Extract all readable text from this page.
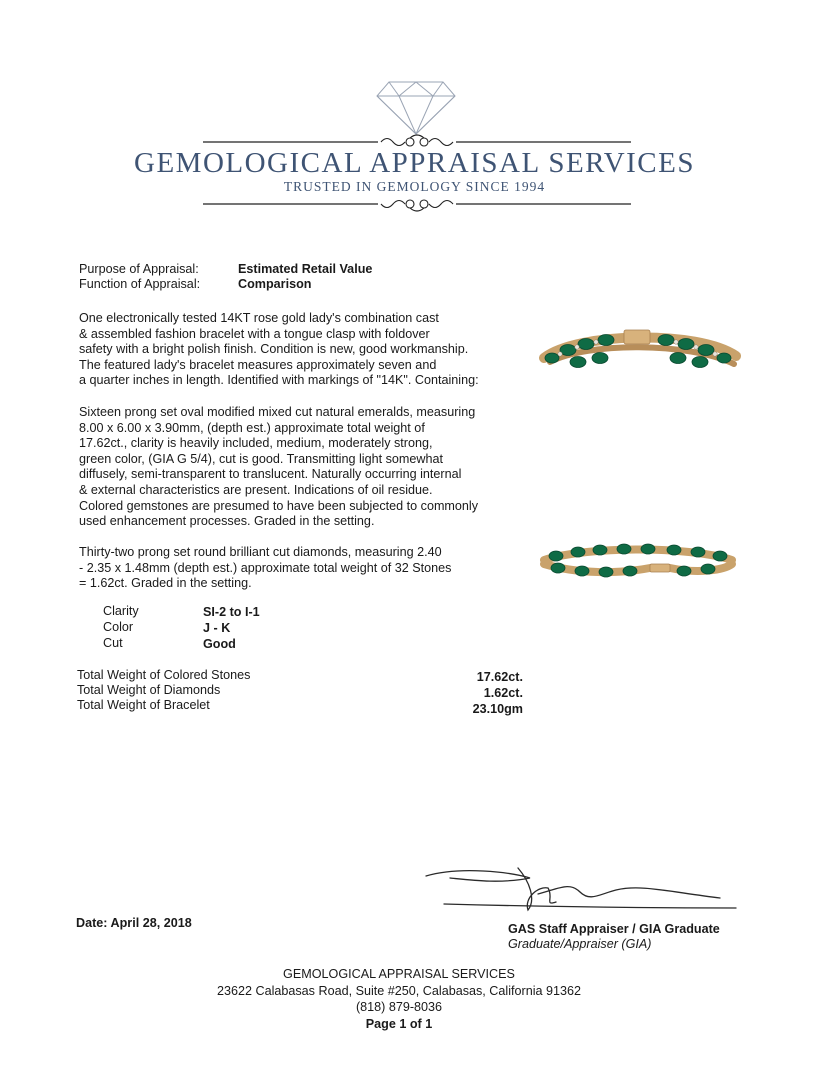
GEMOLOGICAL APPRAISAL SERVICES
TRUSTED IN GEMOLOGY SINCE 1994
Purpose of Appraisal:	Estimated Retail Value
Function of Appraisal:	Comparison
One electronically tested 14KT rose gold lady's combination cast
& assembled fashion bracelet with a tongue clasp with foldover
safety with a bright polish finish. Condition is new, good workmanship.
The featured lady's bracelet measures approximately seven and
a quarter inches in length. Identified with markings of "14K". Containing:
Sixteen prong set oval modified mixed cut natural emeralds, measuring
8.00 x 6.00 x 3.90mm, (depth est.) approximate total weight of
17.62ct., clarity is heavily included, medium, moderately strong,
green color, (GIA G 5/4), cut is good. Transmitting light somewhat
diffusely, semi-transparent to translucent. Naturally occurring internal
& external characteristics are present. Indications of oil residue.
Colored gemstones are presumed to have been subjected to commonly
used enhancement processes. Graded in the setting.
Thirty-two prong set round brilliant cut diamonds, measuring 2.40
- 2.35 x 1.48mm (depth est.) approximate total weight of 32 Stones
= 1.62ct. Graded in the setting.
Clarity	SI-2 to I-1
Color	J - K
Cut	Good
Total Weight of Colored Stones	17.62ct.
Total Weight of Diamonds	1.62ct.
Total Weight of Bracelet	23.10gm
Date: April 28, 2018	GAS Staff Appraiser / GIA Graduate
Graduate/Appraiser (GIA)
GEMOLOGICAL APPRAISAL SERVICES
23622 Calabasas Road, Suite #250, Calabasas, California 91362
(818) 879-8036
Page 1 of 1
